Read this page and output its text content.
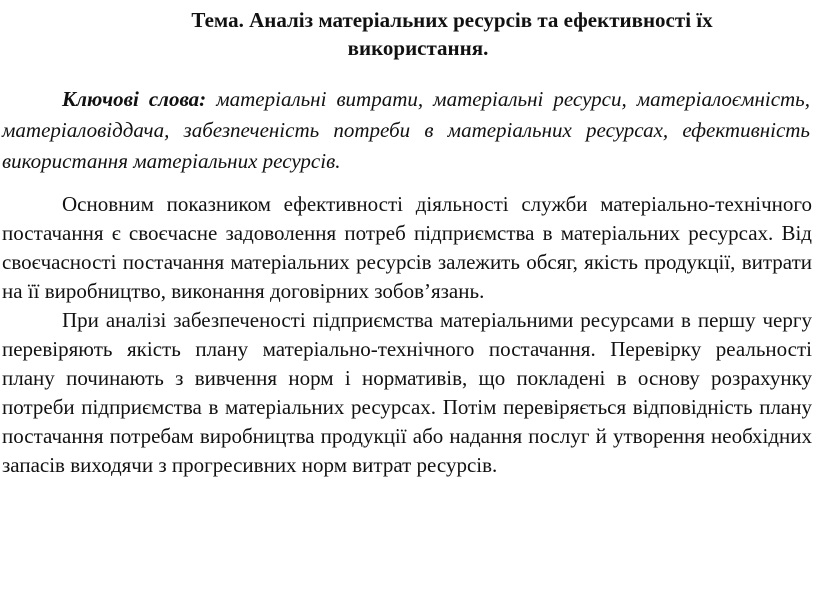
Тема. Аналіз матеріальних ресурсів та ефективності їх
використання.

Ключові слова: матеріальні витрати, матеріальні ресурси, матеріалоємність, матеріаловіддача, забезпеченість потреби в матеріальних ресурсах, ефективність використання матеріальних ресурсів.

Основним показником ефективності діяльності служби матеріально-технічного постачання є своєчасне задоволення потреб підприємства в матеріальних ресурсах. Від своєчасності постачання матеріальних ресурсів залежить обсяг, якість продукції, витрати на її виробництво, виконання договірних зобов’язань.

При аналізі забезпеченості підприємства матеріальними ресурсами в першу чергу перевіряють якість плану матеріально-технічного постачання. Перевірку реальності плану починають з вивчення норм і нормативів, що покладені в основу розрахунку потреби підприємства в матеріальних ресурсах. Потім перевіряється відповідність плану постачання потребам виробництва продукції або надання послуг й утворення необхідних запасів виходячи з прогресивних норм витрат ресурсів.
